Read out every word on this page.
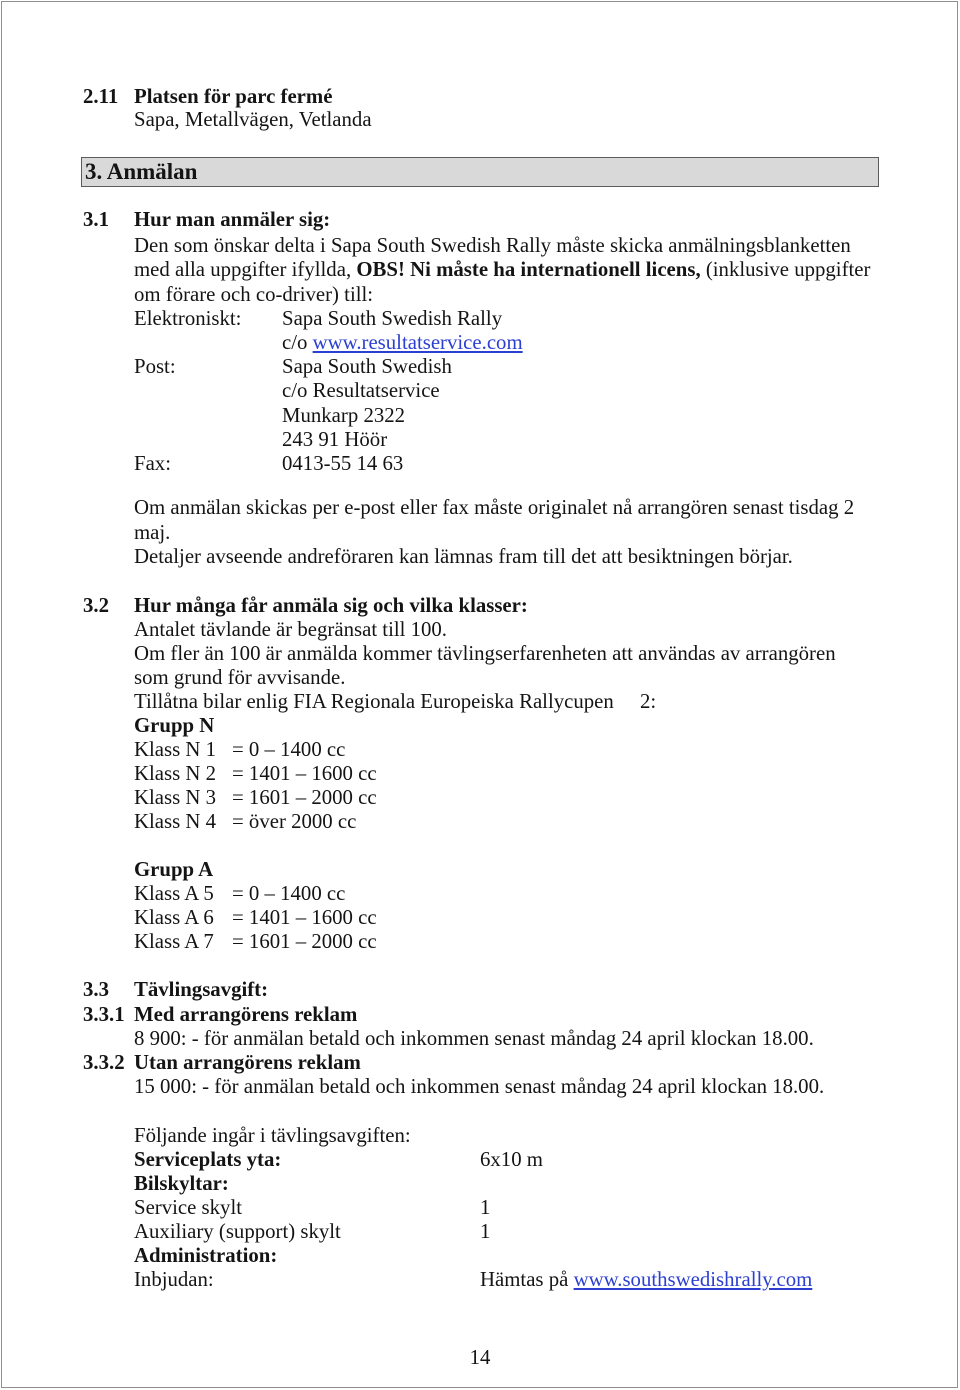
2.11 Platsen för parc fermé
Sapa, Metallvägen, Vetlanda
3. Anmälan
3.1 Hur man anmäler sig:
Den som önskar delta i Sapa South Swedish Rally måste skicka anmälningsblanketten
med alla uppgifter ifyllda, OBS! Ni måste ha internationell licens, (inklusive uppgifter
om förare och co-driver) till:
Elektroniskt: Sapa South Swedish Rally
c/o www.resultatservice.com
Post:	Sapa South Swedish
c/o Resultatservice
Munkarp 2322
243 91 Höör
Fax:	0413-55 14 63
Om anmälan skickas per e-post eller fax måste originalet nå arrangören senast tisdag 2
maj.
Detaljer avseende andreföraren kan lämnas fram till det att besiktningen börjar.
3.2 Hur många får anmäla sig och vilka klasser:
Antalet tävlande är begränsat till 100.
Om fler än 100 är anmälda kommer tävlingserfarenheten att användas av arrangören
som grund för avvisande.
Tillåtna bilar enlig FIA Regionala Europeiska Rallycupen 2:
Grupp N
Klass N 1 = 0 – 1400 cc
Klass N 2 = 1401 – 1600 cc
Klass N 3 = 1601 – 2000 cc
Klass N 4 = över 2000 cc
Grupp A
Klass A 5 = 0 – 1400 cc
Klass A 6 = 1401 – 1600 cc
Klass A 7 = 1601 – 2000 cc
3.3 Tävlingsavgift:
3.3.1 Med arrangörens reklam
8 900: - för anmälan betald och inkommen senast måndag 24 april klockan 18.00.
3.3.2 Utan arrangörens reklam
15 000: - för anmälan betald och inkommen senast måndag 24 april klockan 18.00.
Följande ingår i tävlingsavgiften:
Serviceplats yta:	6x10 m
Bilskyltar:
Service skylt	1
Auxiliary (support) skylt	1
Administration:
Inbjudan:	Hämtas på www.southswedishrally.com
14
